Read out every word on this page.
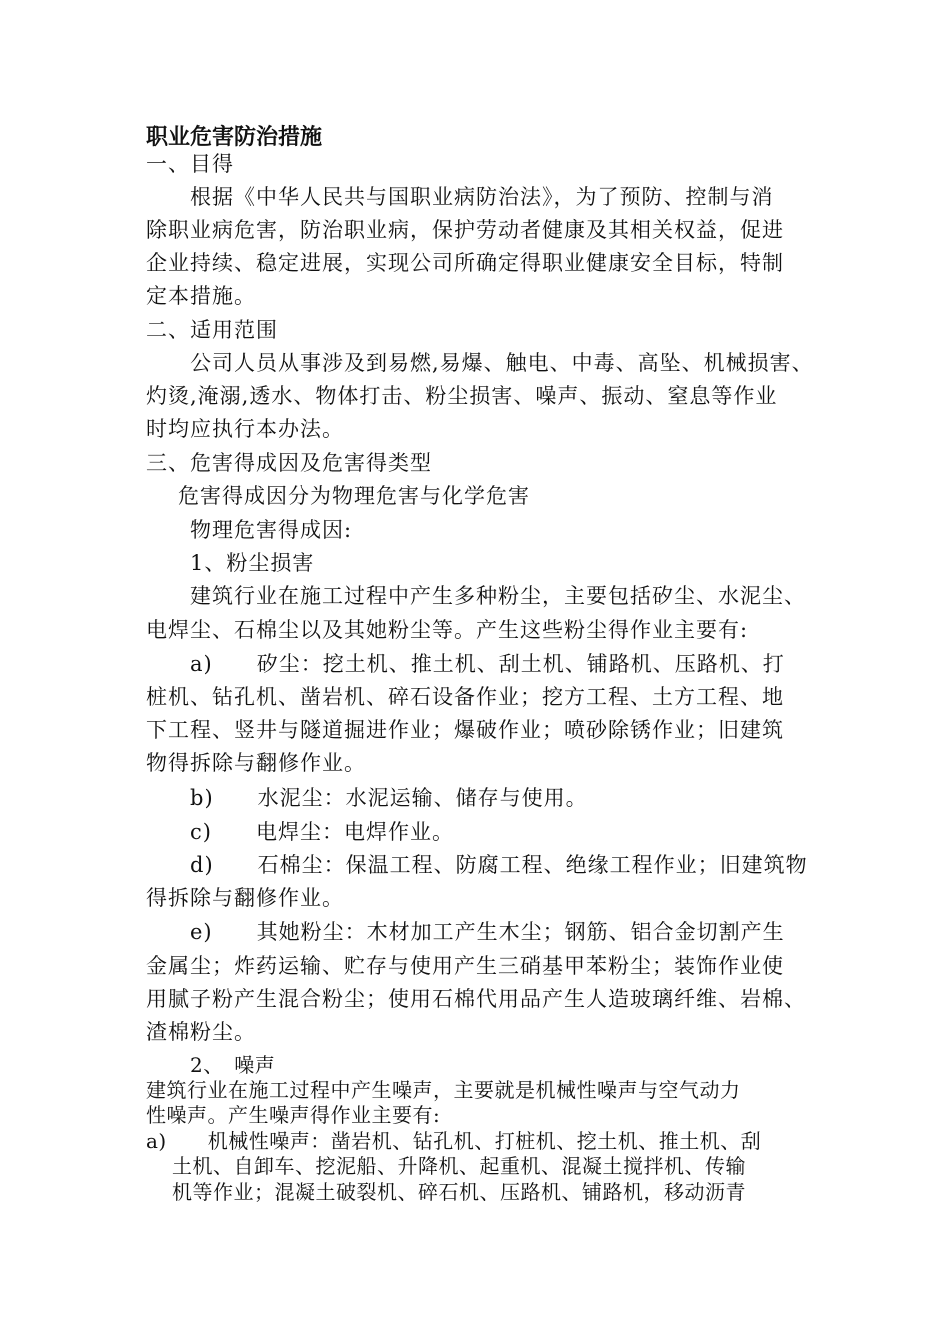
职业危害防治措施
一、目得
根据《中华人民共与国职业病防治法》，为了预防、控制与消
除职业病危害，防治职业病，保护劳动者健康及其相关权益，促进
企业持续、稳定进展，实现公司所确定得职业健康安全目标，特制
定本措施。
二、适用范围
公司人员从事涉及到易燃,易爆、触电、中毒、高坠、机械损害、
灼烫,淹溺,透水、物体打击、粉尘损害、噪声、振动、窒息等作业
时均应执行本办法。
三、危害得成因及危害得类型
危害得成因分为物理危害与化学危害
物理危害得成因:
1、粉尘损害
建筑行业在施工过程中产生多种粉尘，主要包括矽尘、水泥尘、
电焊尘、石棉尘以及其她粉尘等。产生这些粉尘得作业主要有:
a)　　矽尘：挖土机、推土机、刮土机、铺路机、压路机、打
桩机、钻孔机、凿岩机、碎石设备作业；挖方工程、土方工程、地
下工程、竖井与隧道掘进作业；爆破作业；喷砂除锈作业；旧建筑
物得拆除与翻修作业。
b)　　水泥尘：水泥运输、储存与使用。
c)　　电焊尘：电焊作业。
d)　　石棉尘：保温工程、防腐工程、绝缘工程作业；旧建筑物
得拆除与翻修作业。
e)　　其她粉尘：木材加工产生木尘；钢筋、铝合金切割产生
金属尘；炸药运输、贮存与使用产生三硝基甲苯粉尘；装饰作业使
用腻子粉产生混合粉尘；使用石棉代用品产生人造玻璃纤维、岩棉、
渣棉粉尘。
2、　噪声
建筑行业在施工过程中产生噪声，主要就是机械性噪声与空气动力
性噪声。产生噪声得作业主要有:
a)　　机械性噪声：凿岩机、钻孔机、打桩机、挖土机、推土机、刮
土机、自卸车、挖泥船、升降机、起重机、混凝土搅拌机、传输
机等作业；混凝土破裂机、碎石机、压路机、铺路机，移动沥青
